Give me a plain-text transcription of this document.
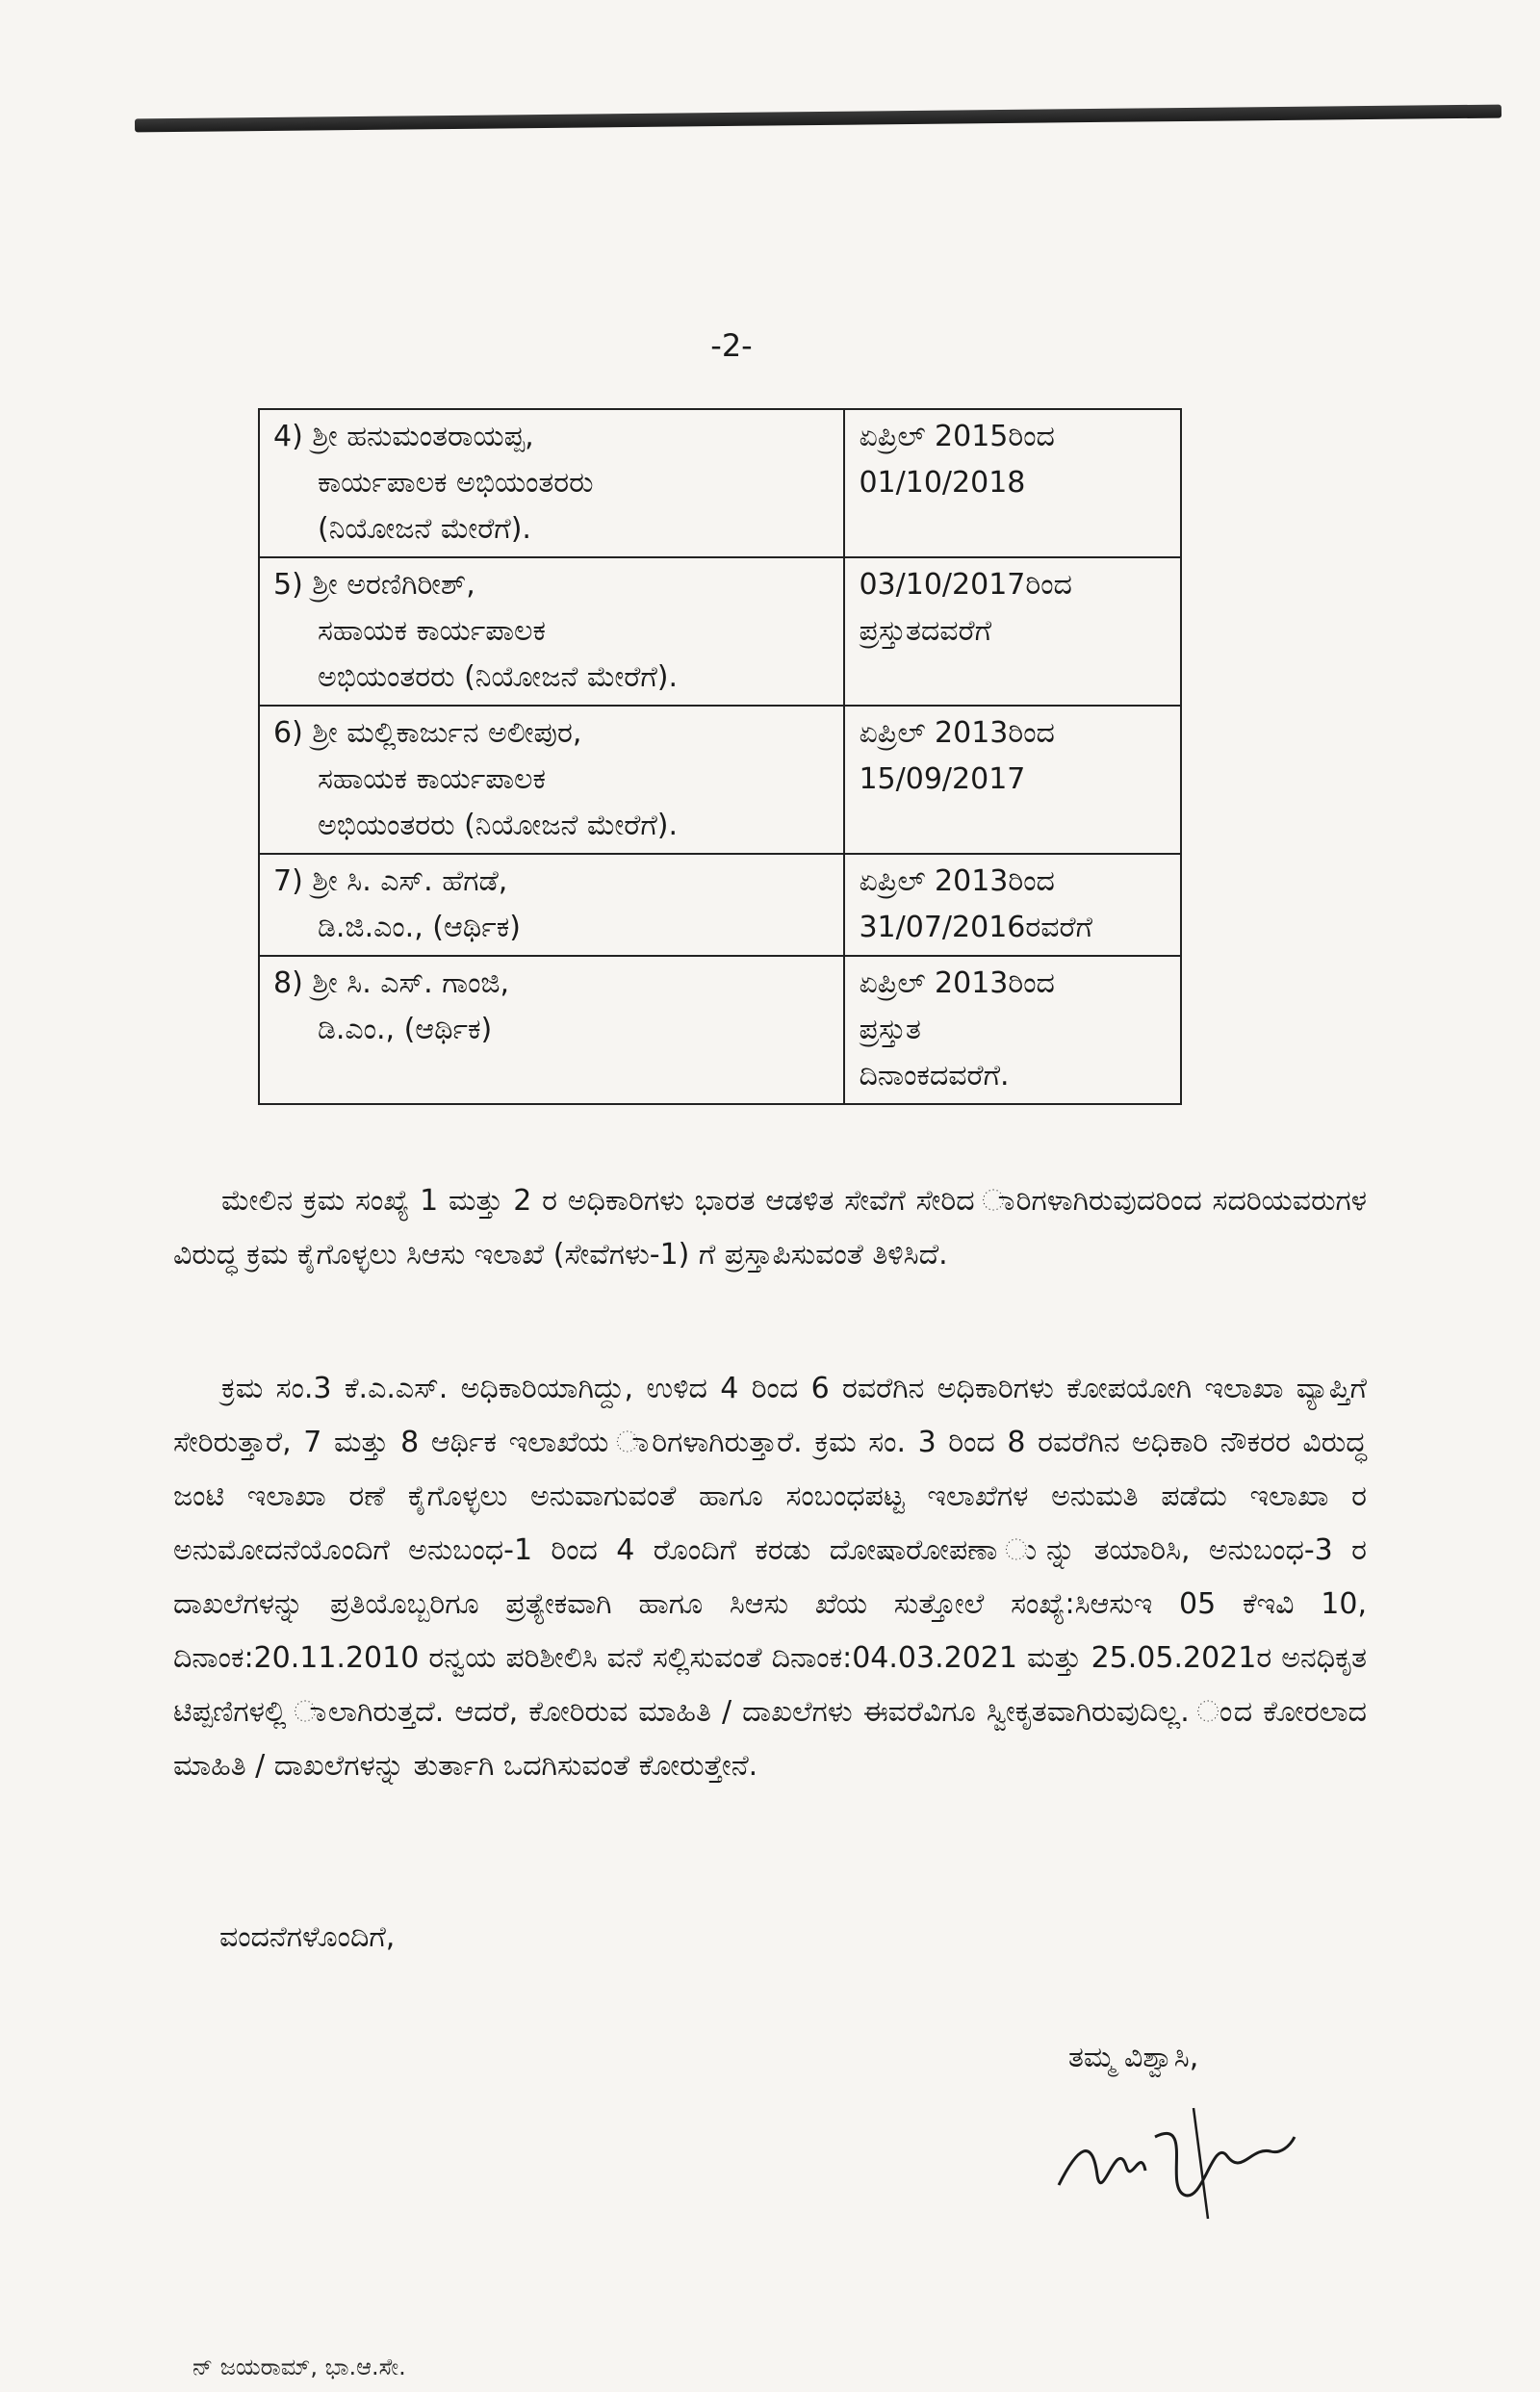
-2-
4) ಶ್ರೀ ಹನುಮಂತರಾಯಪ್ಪ,
ಕಾರ್ಯಪಾಲಕ ಅಭಿಯಂತರರು
(ನಿಯೋಜನೆ ಮೇರೆಗೆ).	ಏಪ್ರಿಲ್ 2015ರಿಂದ
01/10/2018

5) ಶ್ರೀ ಅರಣಿಗಿರೀಶ್,
ಸಹಾಯಕ ಕಾರ್ಯಪಾಲಕ
ಅಭಿಯಂತರರು (ನಿಯೋಜನೆ ಮೇರೆಗೆ).	03/10/2017ರಿಂದ
ಪ್ರಸ್ತುತದವರೆಗೆ

6) ಶ್ರೀ ಮಲ್ಲಿಕಾರ್ಜುನ ಅಲೀಪುರ,
ಸಹಾಯಕ ಕಾರ್ಯಪಾಲಕ
ಅಭಿಯಂತರರು (ನಿಯೋಜನೆ ಮೇರೆಗೆ).	ಏಪ್ರಿಲ್ 2013ರಿಂದ
15/09/2017

7) ಶ್ರೀ ಸಿ. ಎಸ್. ಹೆಗಡೆ,
ಡಿ.ಜಿ.ಎಂ., (ಆರ್ಥಿಕ)	ಏಪ್ರಿಲ್ 2013ರಿಂದ
31/07/2016ರವರೆಗೆ

8) ಶ್ರೀ ಸಿ. ಎಸ್. ಗಾಂಜಿ,
ಡಿ.ಎಂ., (ಆರ್ಥಿಕ)	ಏಪ್ರಿಲ್ 2013ರಿಂದ
ಪ್ರಸ್ತುತ
ದಿನಾಂಕದವರೆಗೆ.

ಮೇಲಿನ ಕ್ರಮ ಸಂಖ್ಯೆ 1 ಮತ್ತು 2 ರ ಅಧಿಕಾರಿಗಳು ಭಾರತ ಆಡಳಿತ ಸೇವೆಗೆ ಸೇರಿದ ಾರಿಗಳಾಗಿರುವುದರಿಂದ ಸದರಿಯವರುಗಳ ವಿರುದ್ಧ ಕ್ರಮ ಕೈಗೊಳ್ಳಲು ಸಿಆಸು ಇಲಾಖೆ (ಸೇವೆಗಳು-1) ಗೆ ಪ್ರಸ್ತಾಪಿಸುವಂತೆ ತಿಳಿಸಿದೆ.

ಕ್ರಮ ಸಂ.3 ಕೆ.ಎ.ಎಸ್. ಅಧಿಕಾರಿಯಾಗಿದ್ದು, ಉಳಿದ 4 ರಿಂದ 6 ರವರೆಗಿನ ಅಧಿಕಾರಿಗಳು ಕೋಪಯೋಗಿ ಇಲಾಖಾ ವ್ಯಾಪ್ತಿಗೆ ಸೇರಿರುತ್ತಾರೆ, 7 ಮತ್ತು 8 ಆರ್ಥಿಕ ಇಲಾಖೆಯ ಾರಿಗಳಾಗಿರುತ್ತಾರೆ. ಕ್ರಮ ಸಂ. 3 ರಿಂದ 8 ರವರೆಗಿನ ಅಧಿಕಾರಿ ನೌಕರರ ವಿರುದ್ಧ ಜಂಟಿ ಇಲಾಖಾ ರಣೆ ಕೈಗೊಳ್ಳಲು ಅನುವಾಗುವಂತೆ ಹಾಗೂ ಸಂಬಂಧಪಟ್ಟ ಇಲಾಖೆಗಳ ಅನುಮತಿ ಪಡೆದು ಇಲಾಖಾ ರ ಅನುಮೋದನೆಯೊಂದಿಗೆ ಅನುಬಂಧ-1 ರಿಂದ 4 ರೊಂದಿಗೆ ಕರಡು ದೋಷಾರೋಪಣಾ ುನ್ನು ತಯಾರಿಸಿ, ಅನುಬಂಧ-3 ರ ದಾಖಲೆಗಳನ್ನು ಪ್ರತಿಯೊಬ್ಬರಿಗೂ ಪ್ರತ್ಯೇಕವಾಗಿ ಹಾಗೂ ಸಿಆಸು ಖೆಯ ಸುತ್ತೋಲೆ ಸಂಖ್ಯೆ:ಸಿಆಸುಇ 05 ಕೆಇವಿ 10, ದಿನಾಂಕ:20.11.2010 ರನ್ವಯ ಪರಿಶೀಲಿಸಿ ವನೆ ಸಲ್ಲಿಸುವಂತೆ ದಿನಾಂಕ:04.03.2021 ಮತ್ತು 25.05.2021ರ ಅನಧಿಕೃತ ಟಿಪ್ಪಣಿಗಳಲ್ಲಿ ಾಲಾಗಿರುತ್ತದೆ. ಆದರೆ, ಕೋರಿರುವ ಮಾಹಿತಿ / ದಾಖಲೆಗಳು ಈವರೆವಿಗೂ ಸ್ವೀಕೃತವಾಗಿರುವುದಿಲ್ಲ. ಂದ ಕೋರಲಾದ ಮಾಹಿತಿ / ದಾಖಲೆಗಳನ್ನು ತುರ್ತಾಗಿ ಒದಗಿಸುವಂತೆ ಕೋರುತ್ತೇನೆ.

ವಂದನೆಗಳೊಂದಿಗೆ,
ತಮ್ಮ ವಿಶ್ವಾಸಿ,
ನ್ ಜಯರಾಮ್, ಭಾ.ಆ.ಸೇ.
